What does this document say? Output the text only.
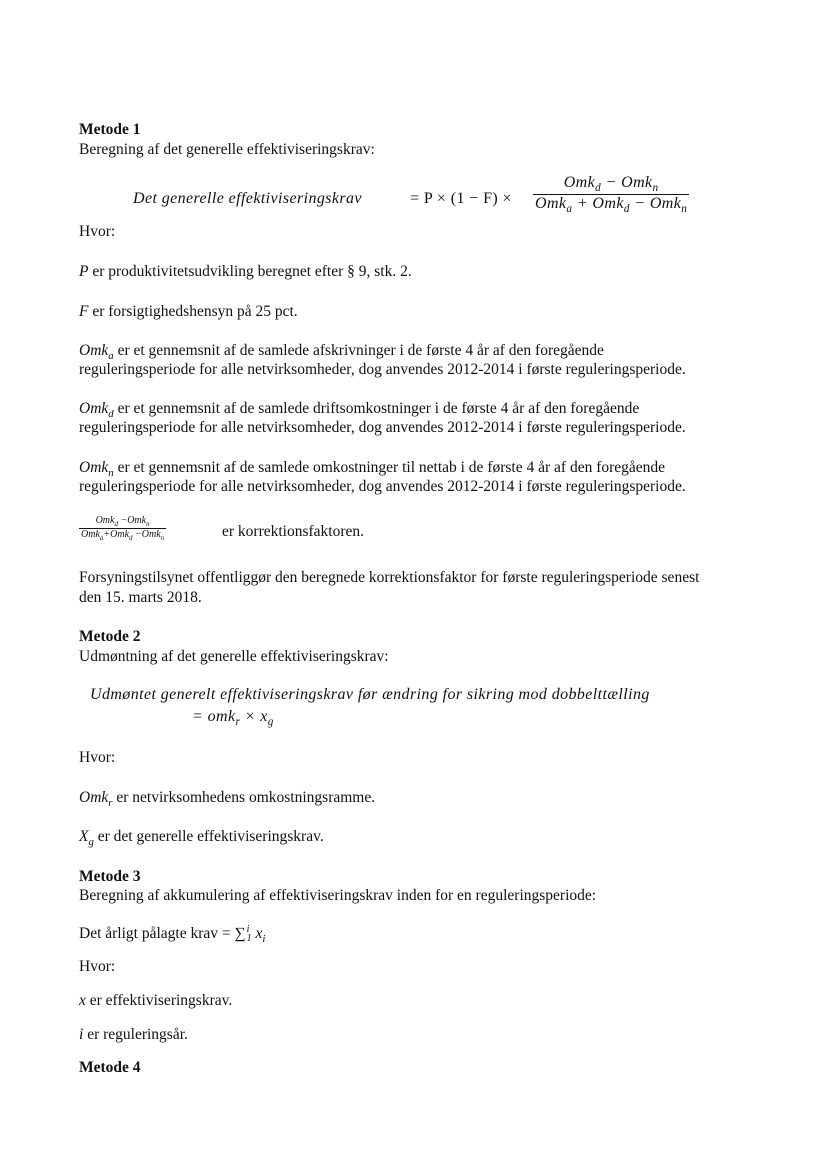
Metode 1
Beregning af det generelle effektiviseringskrav:
Det generelle effektiviseringskrav	= P × (1 − F) ×
Omk$_d$ − Omk$_n$
Omk$_a$ + Omk$_d$ − Omk$_n$
Hvor:
P er produktivitetsudvikling beregnet efter § 9, stk. 2.
F er forsigtighedshensyn på 25 pct.
Omk$_a$ er et gennemsnit af de samlede afskrivninger i de første 4 år af den foregående
reguleringsperiode for alle netvirksomheder, dog anvendes 2012-2014 i første reguleringsperiode.
Omk$_d$ er et gennemsnit af de samlede driftsomkostninger i de første 4 år af den foregående
reguleringsperiode for alle netvirksomheder, dog anvendes 2012-2014 i første reguleringsperiode.
Omk$_n$ er et gennemsnit af de samlede omkostninger til nettab i de første 4 år af den foregående
reguleringsperiode for alle netvirksomheder, dog anvendes 2012-2014 i første reguleringsperiode.
Omk$_d$ −Omk$_n$
Omk$_a$+Omk$_d$ −Omk$_n$	er korrektionsfaktoren.
Forsyningstilsynet offentliggør den beregnede korrektionsfaktor for første reguleringsperiode senest
den 15. marts 2018.
Metode 2
Udmøntning af det generelle effektiviseringskrav:
Udmøntet generelt effektiviseringskrav før ændring for sikring mod dobbelttælling
= $omk_r \times x_g$
Hvor:
Omk$_r$ er netvirksomhedens omkostningsramme.
$X_g$ er det generelle effektiviseringskrav.
Metode 3
Beregning af akkumulering af effektiviseringskrav inden for en reguleringsperiode:
Det årligt pålagte krav = ∑ i
1 $x_i$
Hvor:
x er effektiviseringskrav.
i er reguleringsår.
Metode 4
